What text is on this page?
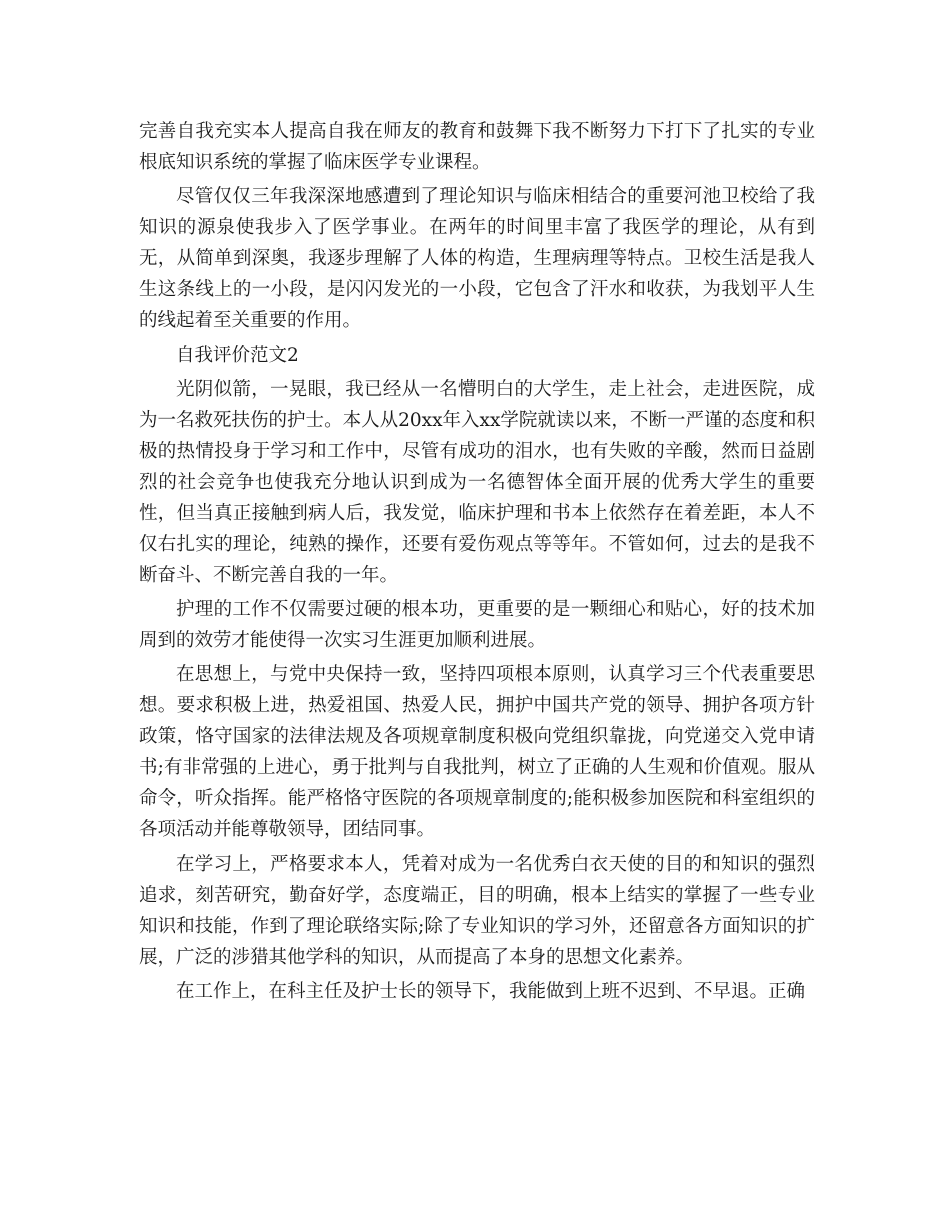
完善自我充实本人提高自我在师友的教育和鼓舞下我不断努力下打下了扎实的专业根底知识系统的掌握了临床医学专业课程。

尽管仅仅三年我深深地感遭到了理论知识与临床相结合的重要河池卫校给了我知识的源泉使我步入了医学事业。在两年的时间里丰富了我医学的理论，从有到无，从简单到深奥，我逐步理解了人体的构造，生理病理等特点。卫校生活是我人生这条线上的一小段，是闪闪发光的一小段，它包含了汗水和收获，为我划平人生的线起着至关重要的作用。

自我评价范文2

光阴似箭，一晃眼，我已经从一名懵明白的大学生，走上社会，走进医院，成为一名救死扶伤的护士。本人从20xx年入xx学院就读以来，不断一严谨的态度和积极的热情投身于学习和工作中，尽管有成功的泪水，也有失败的辛酸，然而日益剧烈的社会竞争也使我充分地认识到成为一名德智体全面开展的优秀大学生的重要性，但当真正接触到病人后，我发觉，临床护理和书本上依然存在着差距，本人不仅右扎实的理论，纯熟的操作，还要有爱伤观点等等年。不管如何，过去的是我不断奋斗、不断完善自我的一年。

护理的工作不仅需要过硬的根本功，更重要的是一颗细心和贴心，好的技术加周到的效劳才能使得一次实习生涯更加顺利进展。

在思想上，与党中央保持一致，坚持四项根本原则，认真学习三个代表重要思想。要求积极上进，热爱祖国、热爱人民，拥护中国共产党的领导、拥护各项方针政策，恪守国家的法律法规及各项规章制度积极向党组织靠拢，向党递交入党申请书;有非常强的上进心，勇于批判与自我批判，树立了正确的人生观和价值观。服从命令，听众指挥。能严格恪守医院的各项规章制度的;能积极参加医院和科室组织的各项活动并能尊敬领导，团结同事。

在学习上，严格要求本人，凭着对成为一名优秀白衣天使的目的和知识的强烈追求，刻苦研究，勤奋好学，态度端正，目的明确，根本上结实的掌握了一些专业知识和技能，作到了理论联络实际;除了专业知识的学习外，还留意各方面知识的扩展，广泛的涉猎其他学科的知识，从而提高了本身的思想文化素养。

在工作上，在科主任及护士长的领导下，我能做到上班不迟到、不早退。正确
